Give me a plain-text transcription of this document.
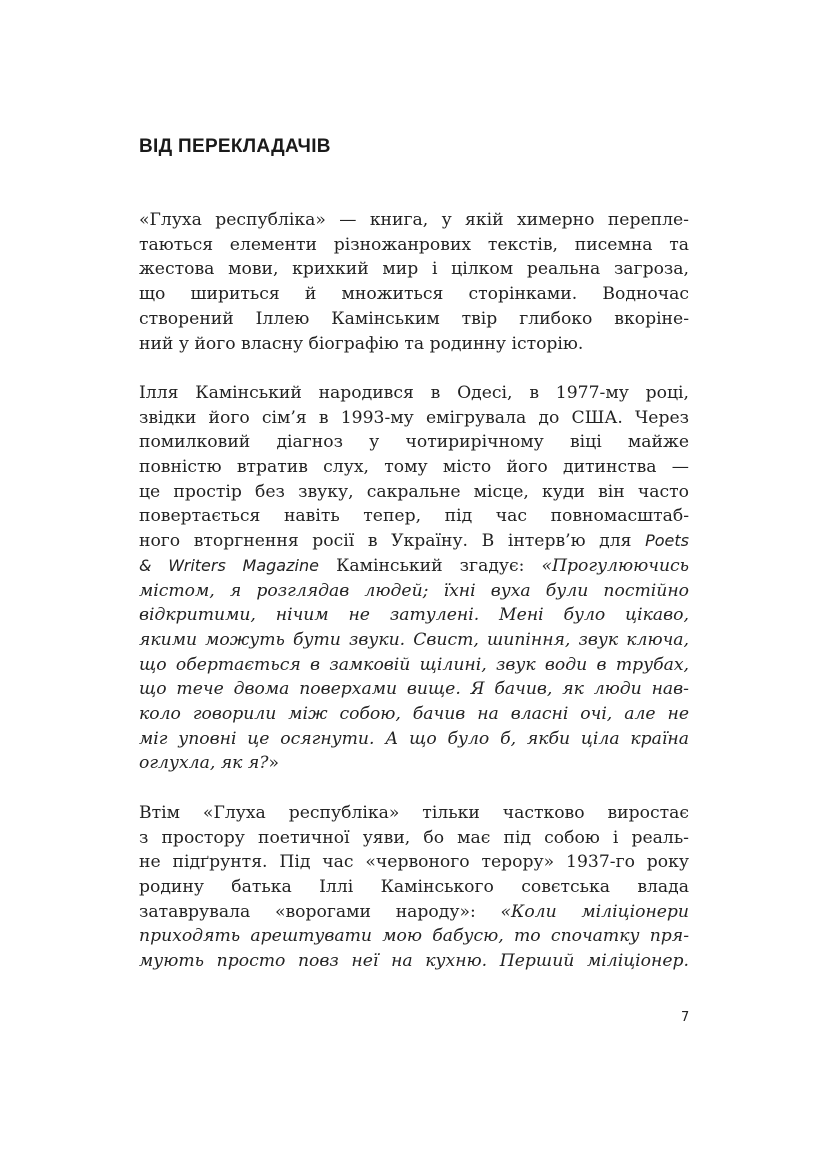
ВІД ПЕРЕКЛАДАЧІВ

«Глуха республіка» — книга, у якій химерно перепле-
таються елементи різножанрових текстів, писемна та
жестова мови, крихкий мир і цілком реальна загроза,
що шириться й множиться сторінками. Водночас
створений Іллею Камінським твір глибоко вкоріне-
ний у його власну біографію та родинну історію.

Ілля Камінський народився в Одесі, в 1977-му році,
звідки його сім’я в 1993-му емігрувала до США. Через
помилковий діагноз у чотирирічному віці майже
повністю втратив слух, тому місто його дитинства —
це простір без звуку, сакральне місце, куди він часто
повертається навіть тепер, під час повномасштаб-
ного вторгнення росії в Україну. В інтерв’ю для Poets
& Writers Magazine Камінський згадує: «Прогулюючись
містом, я розглядав людей; їхні вуха були постійно
відкритими, нічим не затулені. Мені було цікаво,
якими можуть бути звуки. Свист, шипіння, звук ключа,
що обертається в замковій щілині, звук води в трубах,
що тече двома поверхами вище. Я бачив, як люди нав-
коло говорили між собою, бачив на власні очі, але не
міг уповні це осягнути. А що було б, якби ціла країна
оглухла, як я?»

Втім «Глуха республіка» тільки частково виростає
з простору поетичної уяви, бо має під собою і реаль-
не підґрунтя. Під час «червоного терору» 1937-го року
родину батька Іллі Камінського совєтська влада
затаврувала «ворогами народу»: «Коли міліціонери
приходять арештувати мою бабусю, то спочатку пря-
мують просто повз неї на кухню. Перший міліціонер.

7
